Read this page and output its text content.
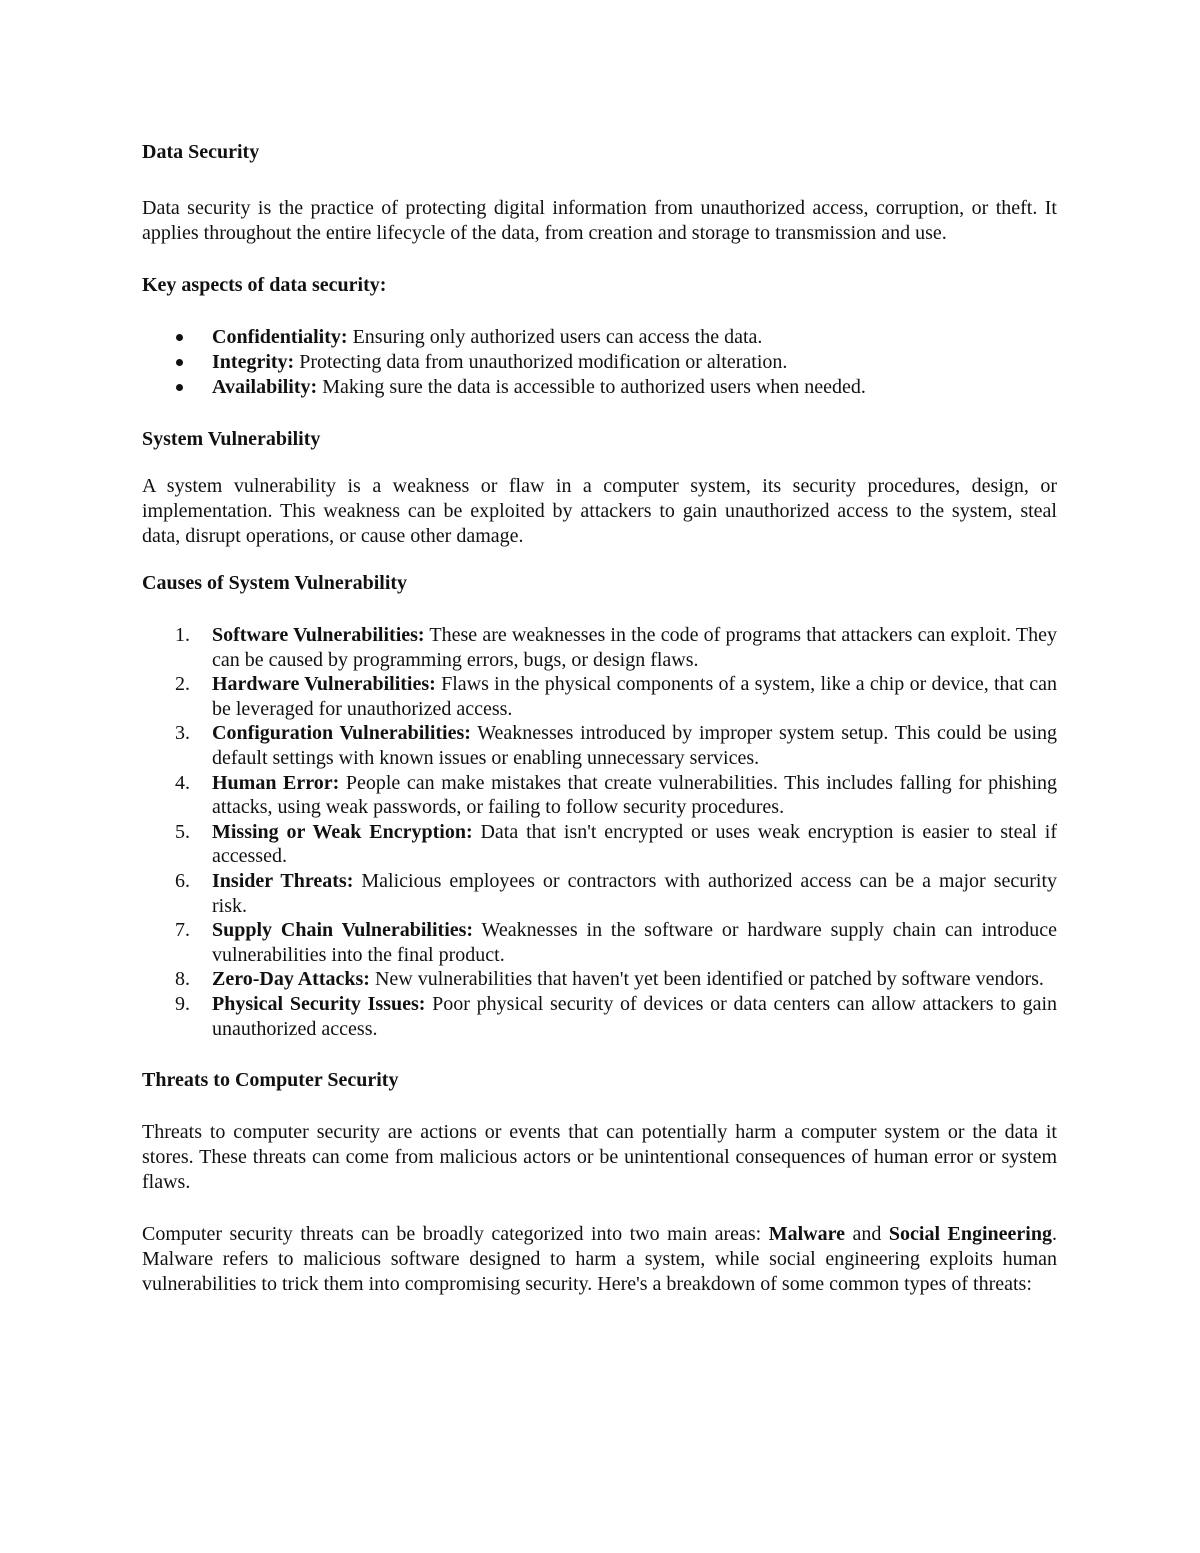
Data Security

Data security is the practice of protecting digital information from unauthorized access, corruption, or theft. It applies throughout the entire lifecycle of the data, from creation and storage to transmission and use.

Key aspects of data security:

Confidentiality: Ensuring only authorized users can access the data.
Integrity: Protecting data from unauthorized modification or alteration.
Availability: Making sure the data is accessible to authorized users when needed.

System Vulnerability

A system vulnerability is a weakness or flaw in a computer system, its security procedures, design, or implementation. This weakness can be exploited by attackers to gain unauthorized access to the system, steal data, disrupt operations, or cause other damage.

Causes of System Vulnerability

1. Software Vulnerabilities: These are weaknesses in the code of programs that attackers can exploit. They can be caused by programming errors, bugs, or design flaws.
2. Hardware Vulnerabilities: Flaws in the physical components of a system, like a chip or device, that can be leveraged for unauthorized access.
3. Configuration Vulnerabilities: Weaknesses introduced by improper system setup. This could be using default settings with known issues or enabling unnecessary services.
4. Human Error: People can make mistakes that create vulnerabilities. This includes falling for phishing attacks, using weak passwords, or failing to follow security procedures.
5. Missing or Weak Encryption: Data that isn't encrypted or uses weak encryption is easier to steal if accessed.
6. Insider Threats: Malicious employees or contractors with authorized access can be a major security risk.
7. Supply Chain Vulnerabilities: Weaknesses in the software or hardware supply chain can introduce vulnerabilities into the final product.
8. Zero-Day Attacks: New vulnerabilities that haven't yet been identified or patched by software vendors.
9. Physical Security Issues: Poor physical security of devices or data centers can allow attackers to gain unauthorized access.

Threats to Computer Security

Threats to computer security are actions or events that can potentially harm a computer system or the data it stores. These threats can come from malicious actors or be unintentional consequences of human error or system flaws.

Computer security threats can be broadly categorized into two main areas: Malware and Social Engineering. Malware refers to malicious software designed to harm a system, while social engineering exploits human vulnerabilities to trick them into compromising security. Here's a breakdown of some common types of threats:
